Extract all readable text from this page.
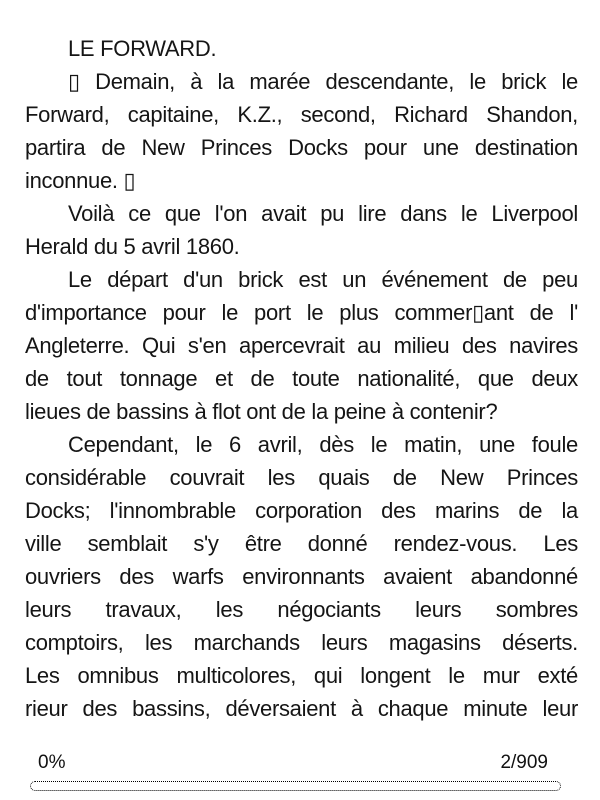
LE FORWARD.
▯ Demain, à la marée descendante, le brick le
Forward, capitaine, K.Z., second, Richard Shandon,
partira de New Princes Docks pour une destination
inconnue. ▯
Voilà ce que l'on avait pu lire dans le Liverpool
Herald du 5 avril 1860.
Le départ d'un brick est un événement de peu
d'importance pour le port le plus commer▯ant de l'
Angleterre. Qui s'en apercevrait au milieu des navires
de tout tonnage et de toute nationalité, que deux
lieues de bassins à flot ont de la peine à contenir?
Cependant, le 6 avril, dès le matin, une foule
considérable couvrait les quais de New Princes
Docks; l'innombrable corporation des marins de la
ville semblait s'y être donné rendez-vous. Les
ouvriers des warfs environnants avaient abandonné
leurs travaux, les négociants leurs sombres
comptoirs, les marchands leurs magasins déserts.
Les omnibus multicolores, qui longent le mur exté
rieur des bassins, déversaient à chaque minute leur
0%	2/909
